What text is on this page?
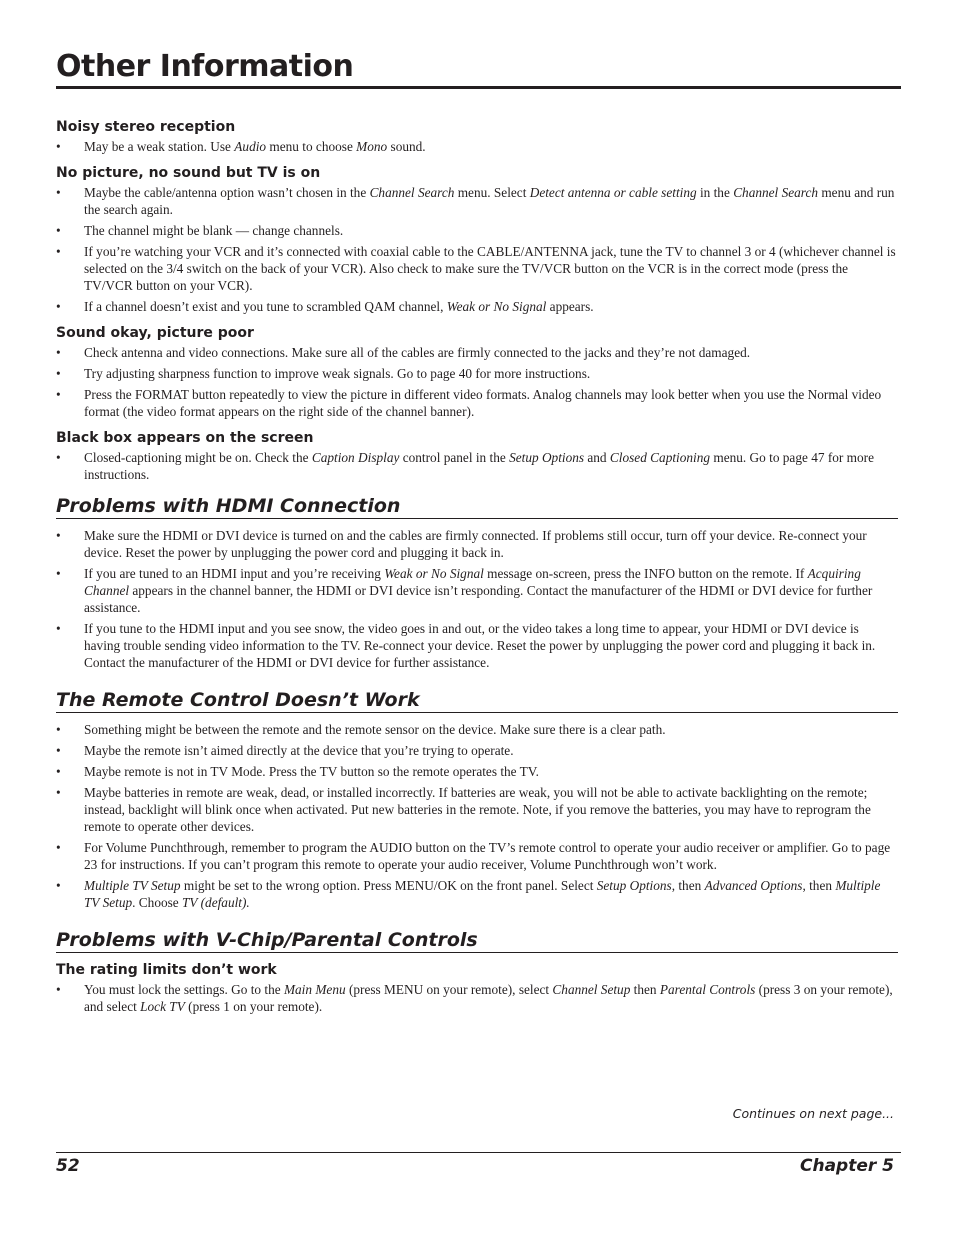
Other Information
Noisy stereo reception
• May be a weak station. Use Audio menu to choose Mono sound.
No picture, no sound but TV is on
• Maybe the cable/antenna option wasn’t chosen in the Channel Search menu. Select Detect antenna or cable setting in the Channel Search menu and run the search again.
• The channel might be blank — change channels.
• If you’re watching your VCR and it’s connected with coaxial cable to the CABLE/ANTENNA jack, tune the TV to channel 3 or 4 (whichever channel is selected on the 3/4 switch on the back of your VCR). Also check to make sure the TV/VCR button on the VCR is in the correct mode (press the TV/VCR button on your VCR).
• If a channel doesn’t exist and you tune to scrambled QAM channel, Weak or No Signal appears.
Sound okay, picture poor
• Check antenna and video connections. Make sure all of the cables are firmly connected to the jacks and they’re not damaged.
• Try adjusting sharpness function to improve weak signals. Go to page 40 for more instructions.
• Press the FORMAT button repeatedly to view the picture in different video formats. Analog channels may look better when you use the Normal video format (the video format appears on the right side of the channel banner).
Black box appears on the screen
• Closed-captioning might be on. Check the Caption Display control panel in the Setup Options and Closed Captioning menu. Go to page 47 for more instructions.
Problems with HDMI Connection
• Make sure the HDMI or DVI device is turned on and the cables are firmly connected. If problems still occur, turn off your device. Re-connect your device. Reset the power by unplugging the power cord and plugging it back in.
• If you are tuned to an HDMI input and you’re receiving Weak or No Signal message on-screen, press the INFO button on the remote. If Acquiring Channel appears in the channel banner, the HDMI or DVI device isn’t responding. Contact the manufacturer of the HDMI or DVI device for further assistance.
• If you tune to the HDMI input and you see snow, the video goes in and out, or the video takes a long time to appear, your HDMI or DVI device is having trouble sending video information to the TV. Re-connect your device. Reset the power by unplugging the power cord and plugging it back in. Contact the manufacturer of the HDMI or DVI device for further assistance.
The Remote Control Doesn’t Work
• Something might be between the remote and the remote sensor on the device. Make sure there is a clear path.
• Maybe the remote isn’t aimed directly at the device that you’re trying to operate.
• Maybe remote is not in TV Mode. Press the TV button so the remote operates the TV.
• Maybe batteries in remote are weak, dead, or installed incorrectly. If batteries are weak, you will not be able to activate backlighting on the remote; instead, backlight will blink once when activated. Put new batteries in the remote. Note, if you remove the batteries, you may have to reprogram the remote to operate other devices.
• For Volume Punchthrough, remember to program the AUDIO button on the TV’s remote control to operate your audio receiver or amplifier. Go to page 23 for instructions. If you can’t program this remote to operate your audio receiver, Volume Punchthrough won’t work.
• Multiple TV Setup might be set to the wrong option. Press MENU/OK on the front panel. Select Setup Options, then Advanced Options, then Multiple TV Setup. Choose TV (default).
Problems with V-Chip/Parental Controls
The rating limits don’t work
• You must lock the settings. Go to the Main Menu (press MENU on your remote), select Channel Setup then Parental Controls (press 3 on your remote), and select Lock TV (press 1 on your remote).
Continues on next page...
52	Chapter 5
